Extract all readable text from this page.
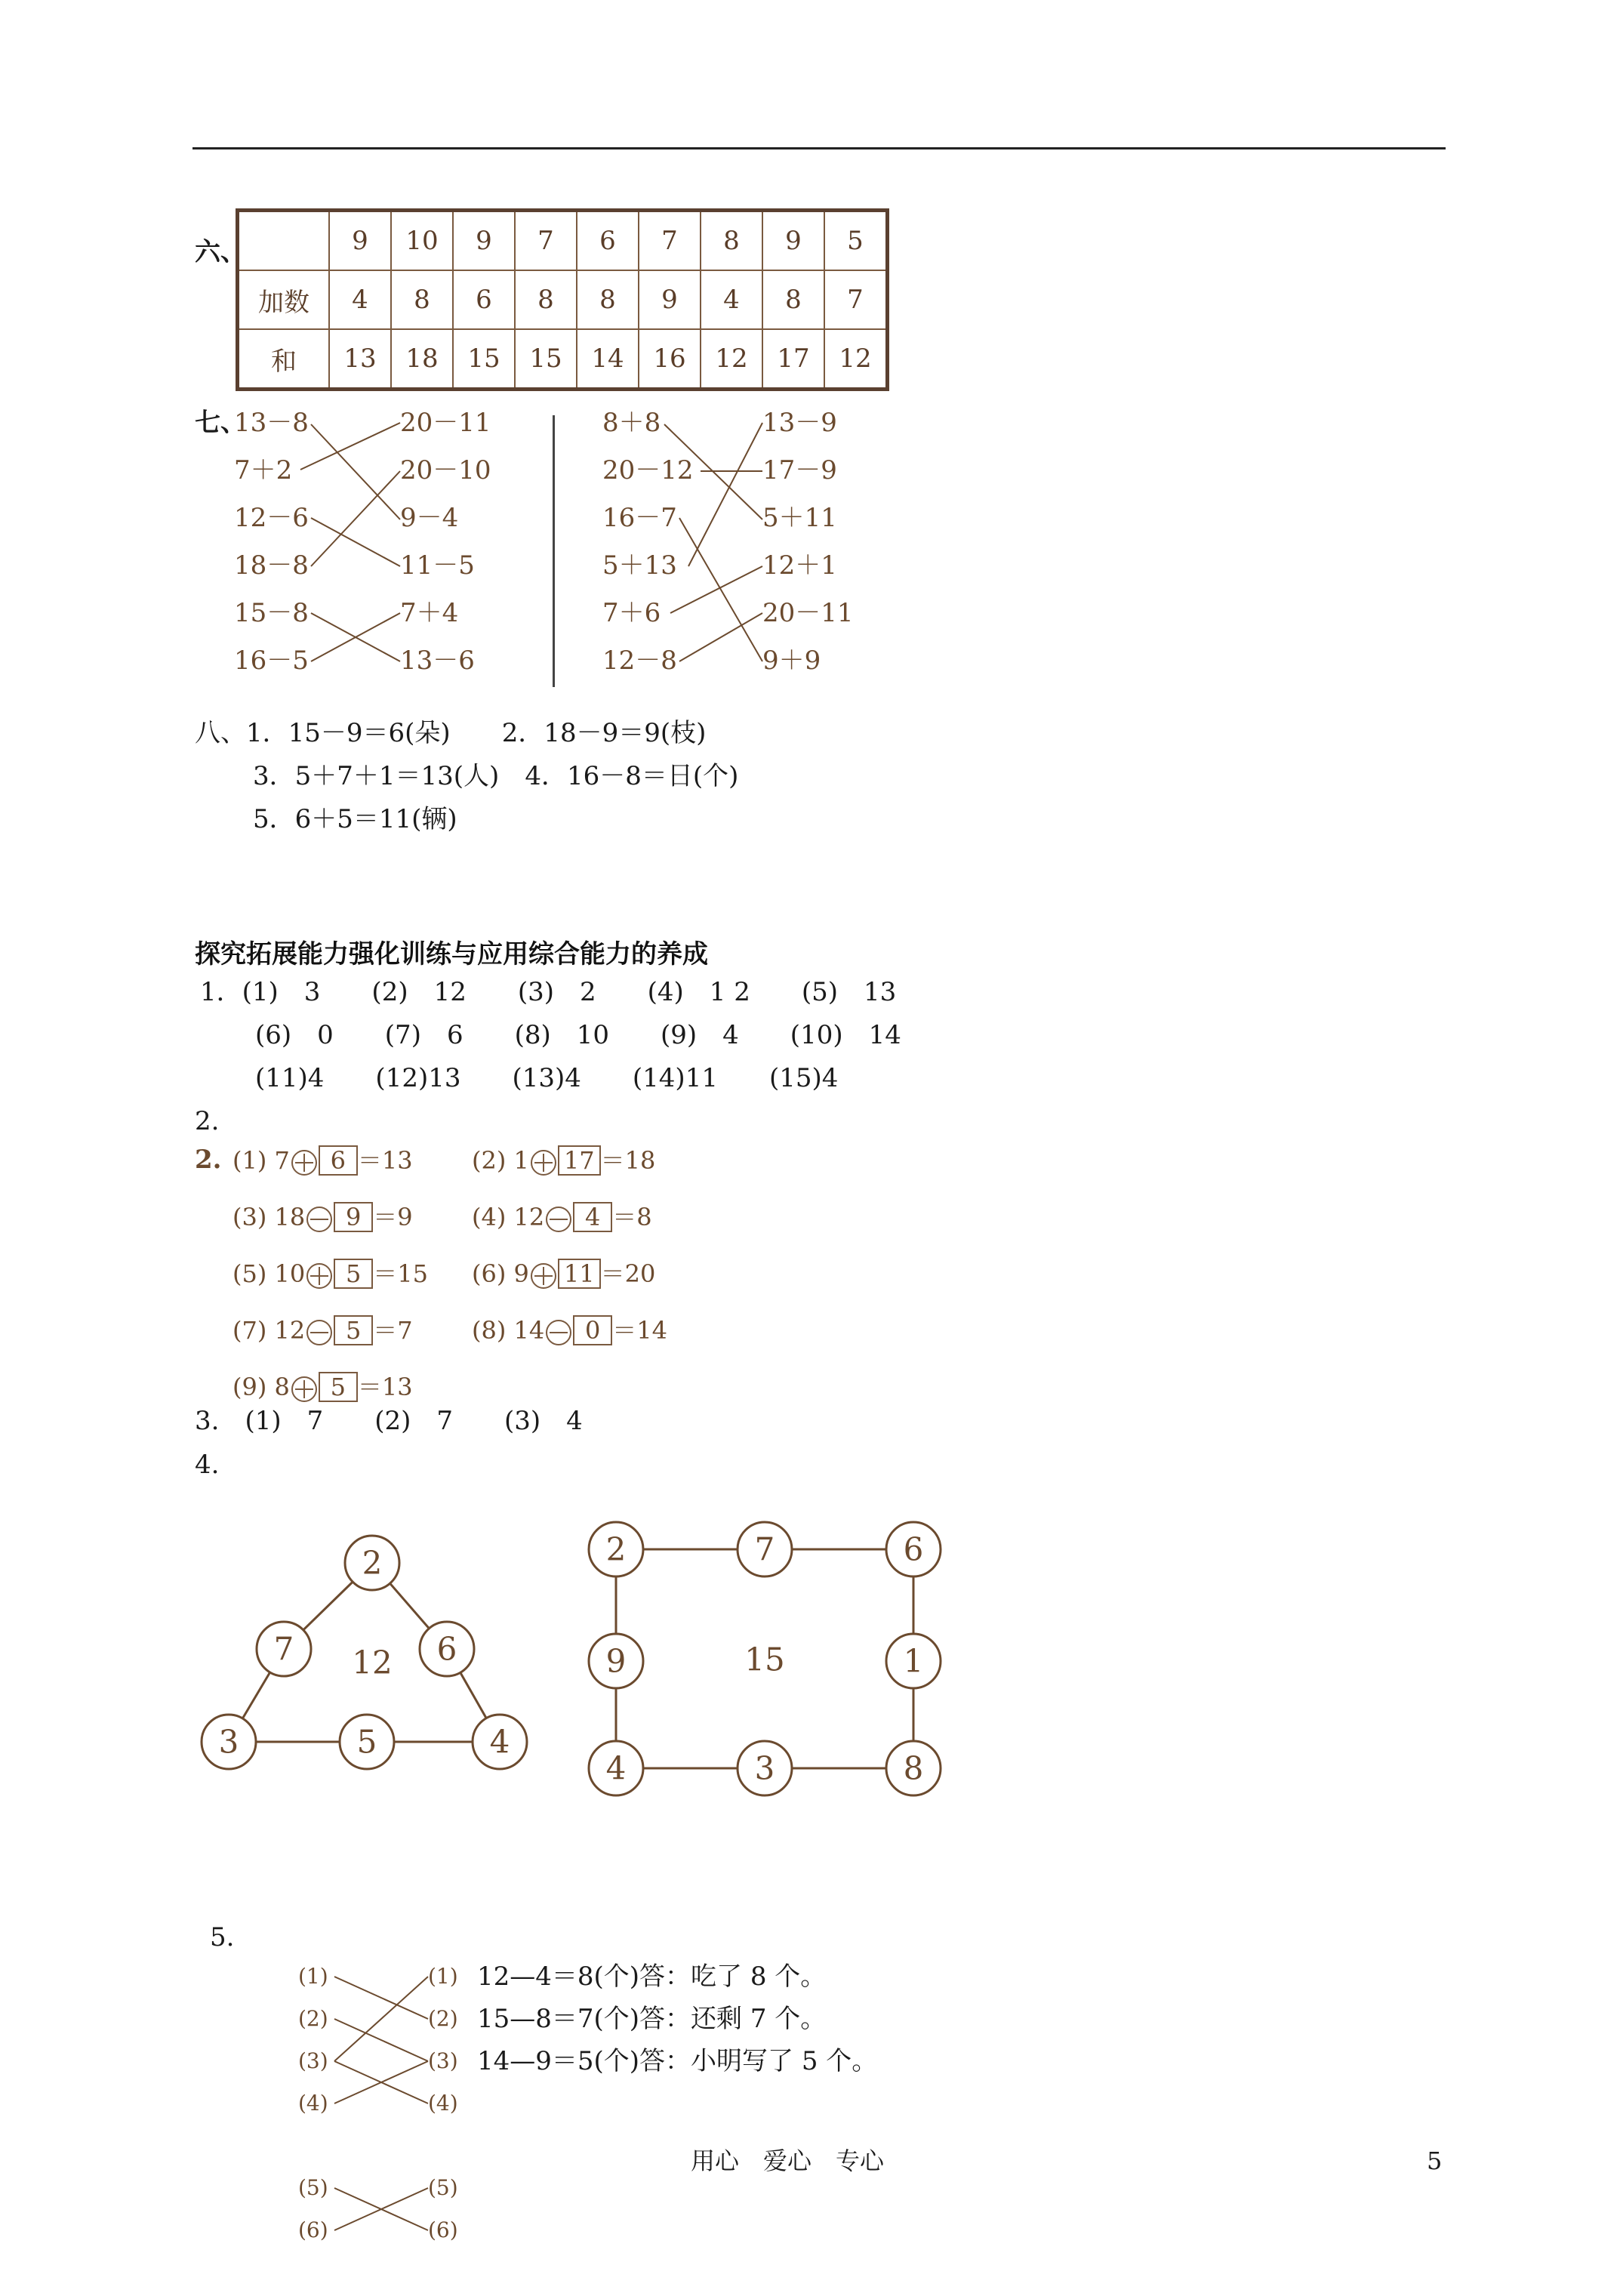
六、
		9	10	9	7	6	7	8	9	5
加数	4	8	6	8	8	9	4	8	7
和	13	18	15	15	14	16	12	17	12
七、
13－8
7＋2
12－6
18－8
15－8
16－5
20－11
20－10
9－4
11－5
7＋4
13－6
8＋8
20－12
16－7
5＋13
7＋6
12－8
13－9
17－9
5＋11
12＋1
20－11
9＋9
八、1．15－9＝6(朵)　　2．18－9＝9(枝)
3．5＋7＋1＝13(人)　4．16－8＝日(个)
5．6＋5＝11(辆)
探究拓展能力强化训练与应用综合能力的养成
1．(1)　3　　(2)　12　　(3)　2　　(4)　1 2　　(5)　13
(6)　0　　(7)　6　　(8)　10　　(9)　4　　(10)　14
(11)4　　(12)13　　(13)4　　(14)11　　(15)4
2.
2. (1) 7 6 ＝13 (2) 1 17 ＝18
(3) 18 9 ＝9 (4) 12 4 ＝8
(5) 10 5 ＝15 (6) 9 11 ＝20
(7) 12 5 ＝7 (8) 14 0 ＝14
(9) 8 5 ＝13
3.　(1)　7　　(2)　7　　(3)　4
4.
2
7	6
3	5	4
12
2	7	6
9	1
4	3	8
15
5.
(1)
(2)
(3)
(4)
(1)
(2)
(3)
(4)
12—4＝8(个)答：吃了 8 个。
15—8＝7(个)答：还剩 7 个。
14—9＝5(个)答：小明写了 5 个。
(5)
(6)
(5)
(6)
用心　爱心　专心	5
